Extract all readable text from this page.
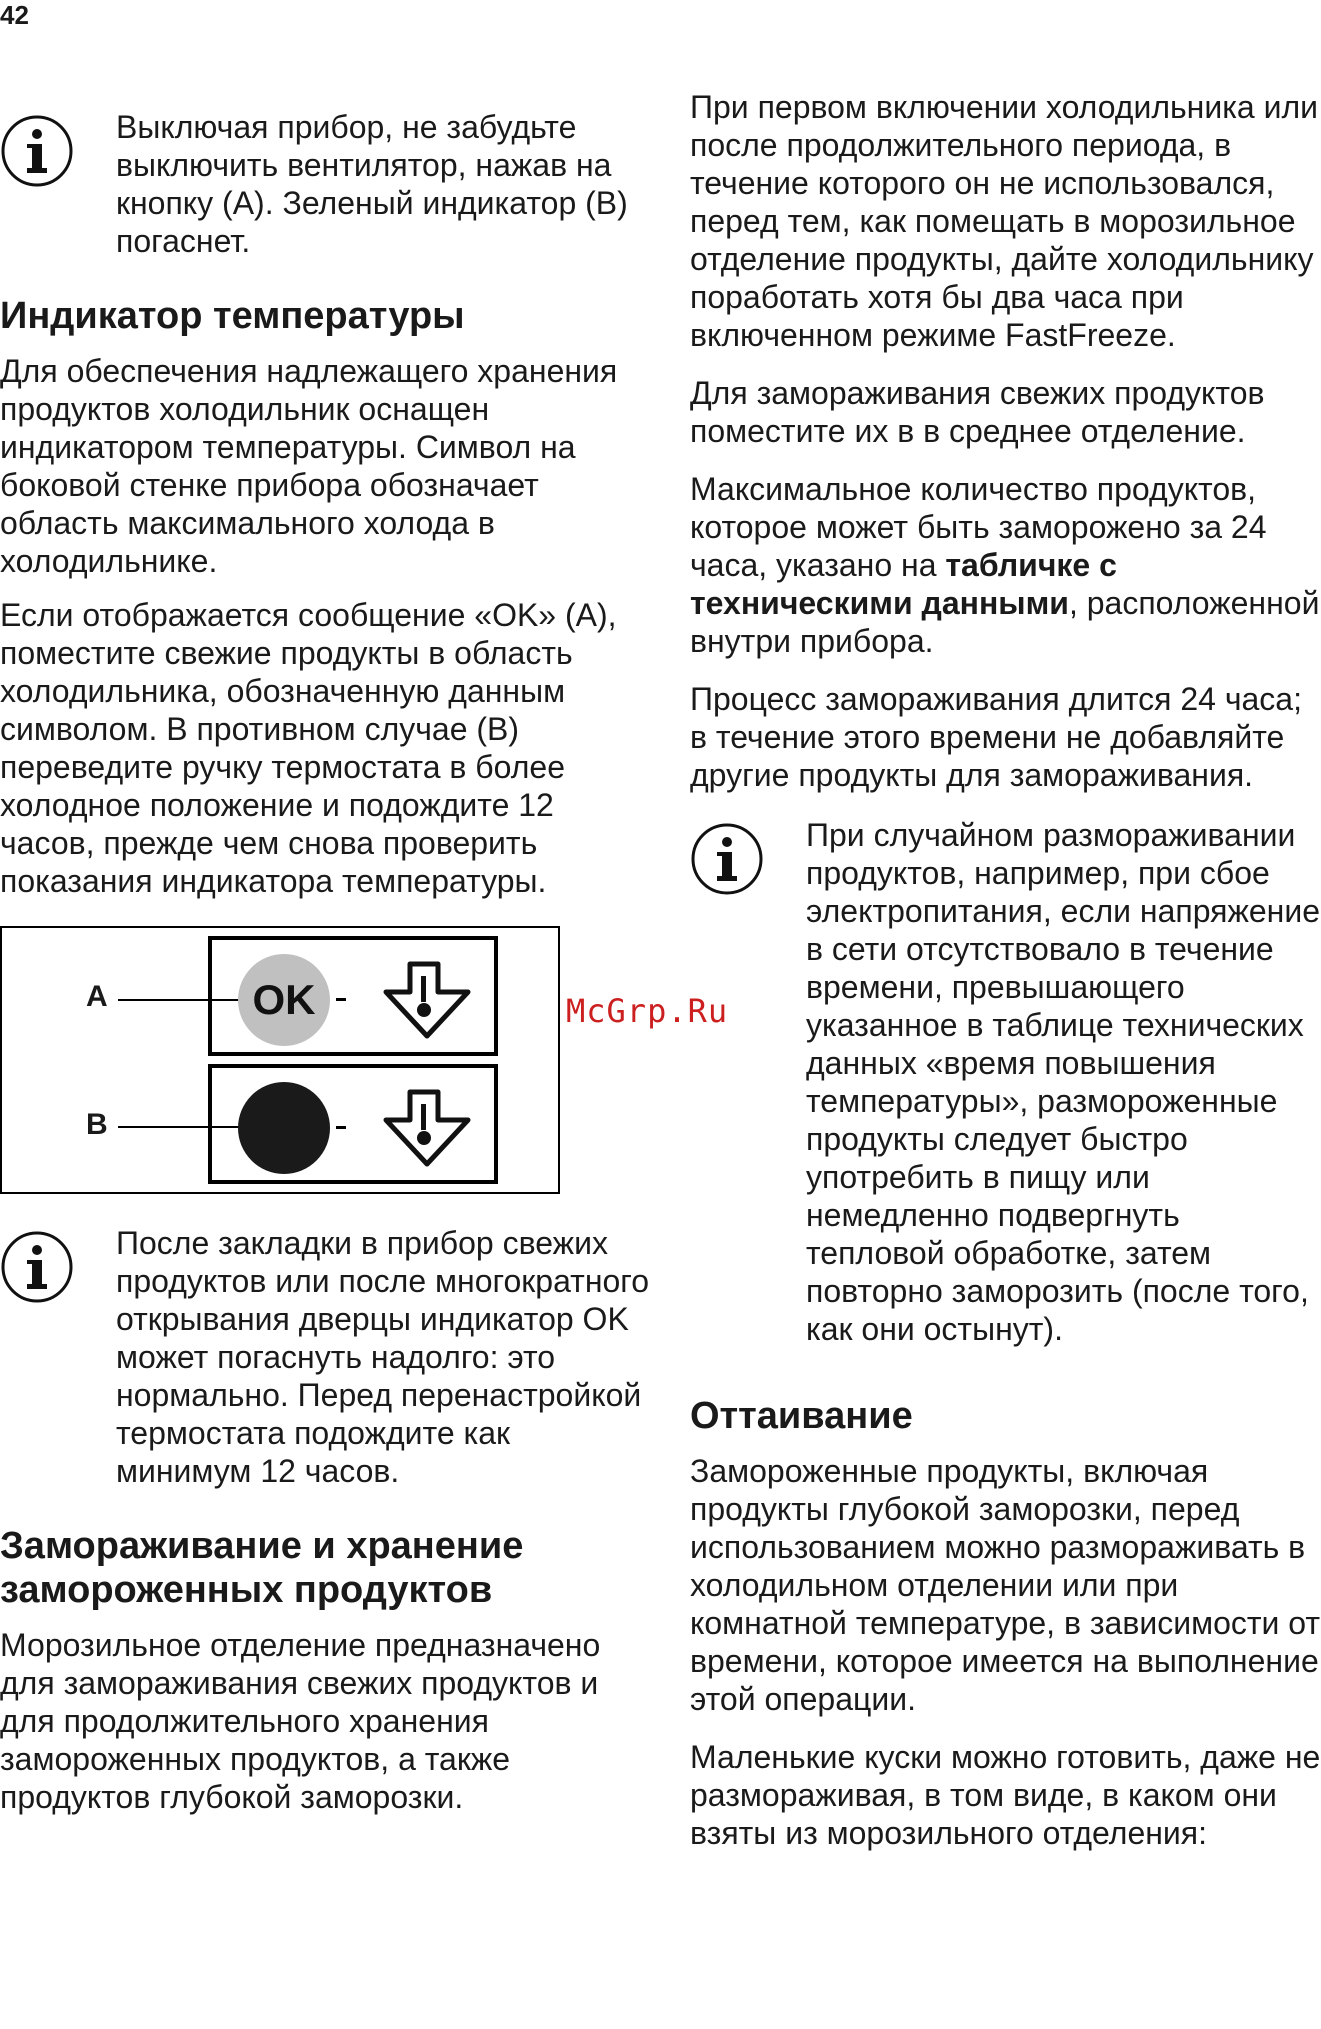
42

Выключая прибор, не забудьте выключить вентилятор, нажав на кнопку (А). Зеленый индикатор (В) погаснет.

Индикатор температуры

Для обеспечения надлежащего хранения продуктов холодильник оснащен индикатором температуры. Символ на боковой стенке прибора обозначает область максимального холода в холодильнике.

Если отображается сообщение «OK» (A), поместите свежие продукты в область холодильника, обозначенную данным символом. В противном случае (B) переведите ручку термостата в более холодное положение и подождите 12 часов, прежде чем снова проверить показания индикатора температуры.

A
B
OK

После закладки в прибор свежих продуктов или после многократного открывания дверцы индикатор OK может погаснуть надолго: это нормально. Перед перенастройкой термостата подождите как минимум 12 часов.

Замораживание и хранение замороженных продуктов

Морозильное отделение предназначено для замораживания свежих продуктов и для продолжительного хранения замороженных продуктов, а также продуктов глубокой заморозки.

McGrp.Ru

При первом включении холодильника или после продолжительного периода, в течение которого он не использовался, перед тем, как помещать в морозильное отделение продукты, дайте холодильнику поработать хотя бы два часа при включенном режиме FastFreeze.

Для замораживания свежих продуктов поместите их в в среднее отделение.

Максимальное количество продуктов, которое может быть заморожено за 24 часа, указано на табличке с техническими данными, расположенной внутри прибора.

Процесс замораживания длится 24 часа; в течение этого времени не добавляйте другие продукты для замораживания.

При случайном размораживании продуктов, например, при сбое электропитания, если напряжение в сети отсутствовало в течение времени, превышающего указанное в таблице технических данных «время повышения температуры», размороженные продукты следует быстро употребить в пищу или немедленно подвергнуть тепловой обработке, затем повторно заморозить (после того, как они остынут).

Оттаивание

Замороженные продукты, включая продукты глубокой заморозки, перед использованием можно размораживать в холодильном отделении или при комнатной температуре, в зависимости от времени, которое имеется на выполнение этой операции.

Маленькие куски можно готовить, даже не размораживая, в том виде, в каком они взяты из морозильного отделения:
